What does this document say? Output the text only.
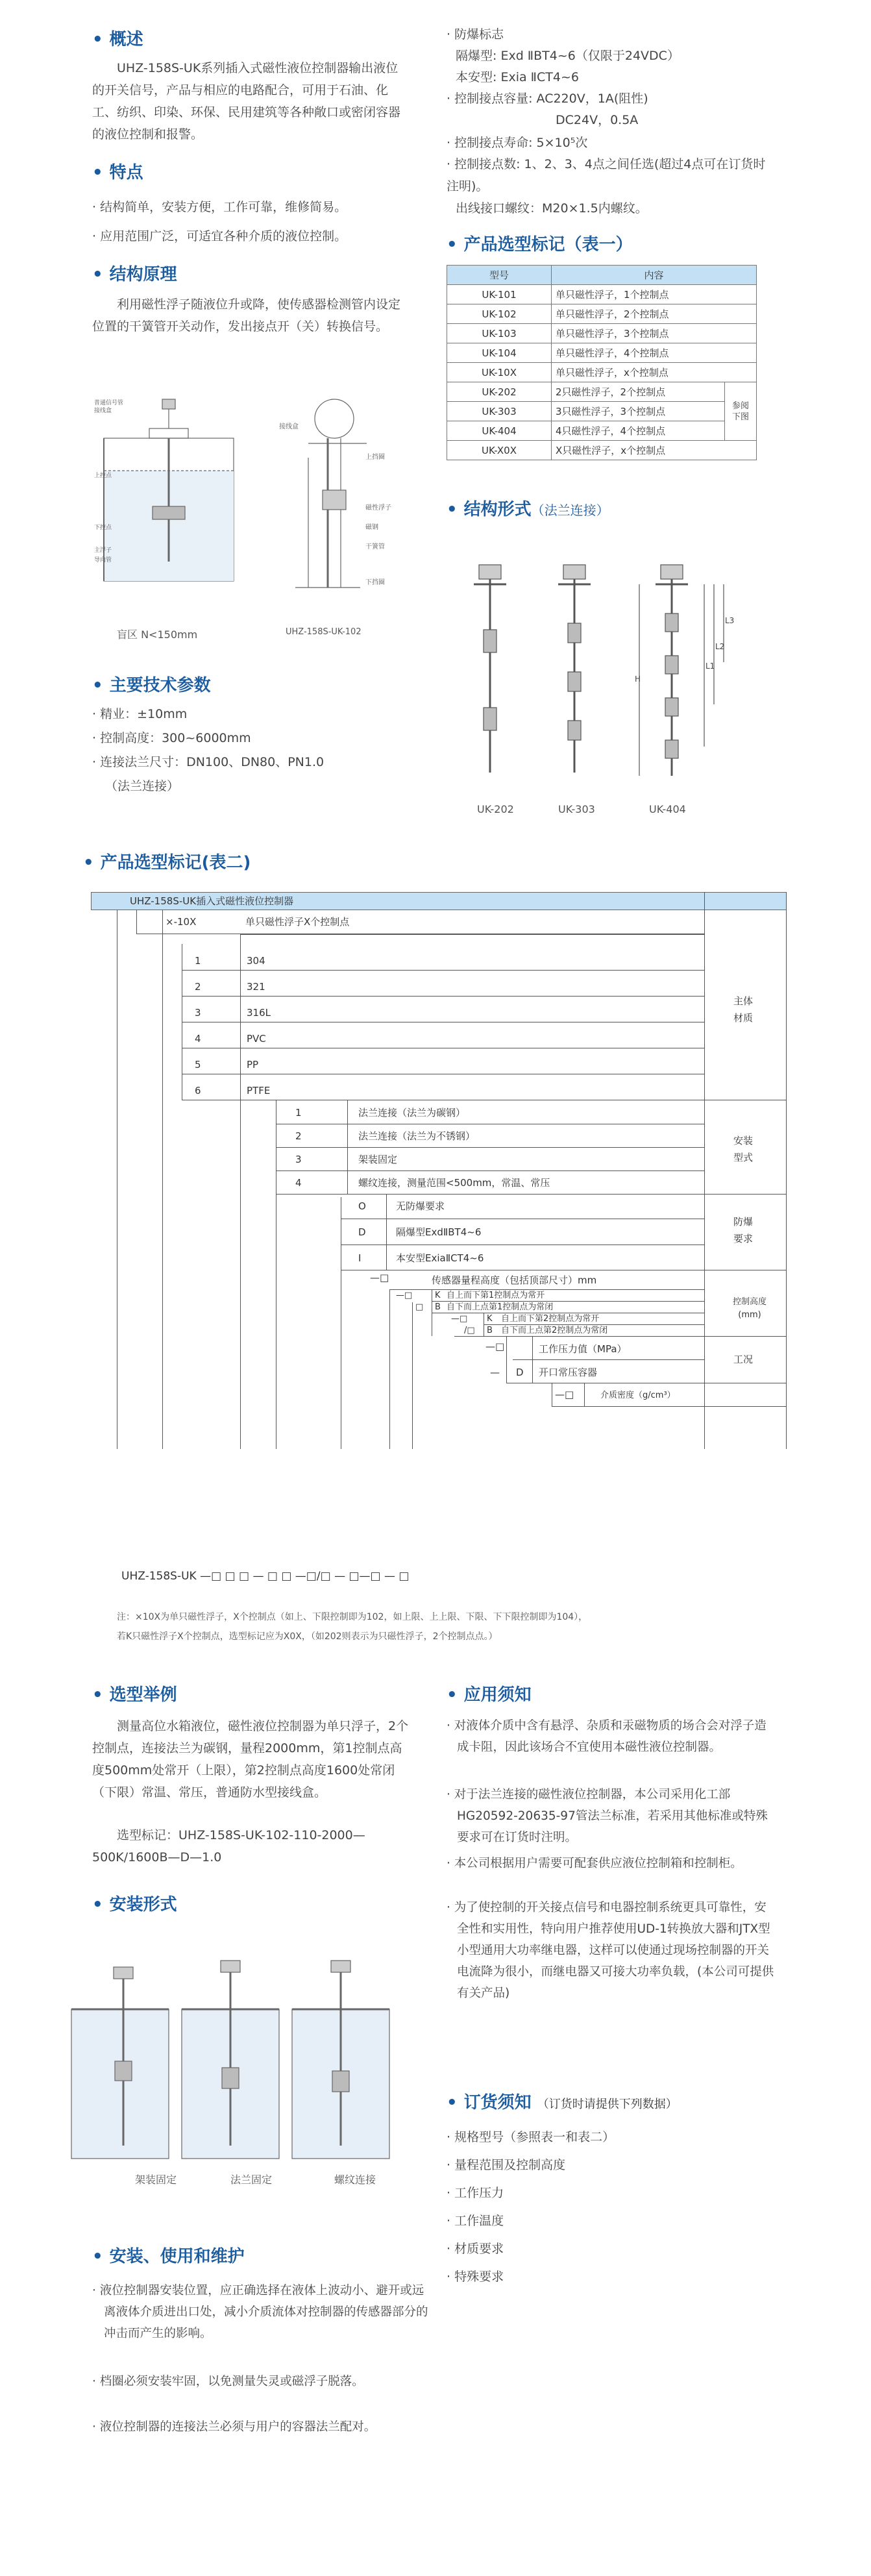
• 概述
UHZ-158S-UK系列插入式磁性液位控制器输出液位的开关信号，产品与相应的电路配合，可用于石油、化工、纺织、印染、环保、民用建筑等各种敞口或密闭容器的液位控制和报警。
• 特点
· 结构简单，安装方便，工作可靠，维修简易。
· 应用范围广泛，可适宜各种介质的液位控制。
• 结构原理
利用磁性浮子随液位升或降，使传感器检测管内设定位置的干簧管开关动作，发出接点开（关）转换信号。
普通信号管
接线盒
上控点
下控点
主浮子
导向管
盲区 N<150mm
接线盒
上挡圈
磁性浮子
磁钢
干簧管
下挡圈
UHZ-158S-UK-102
• 主要技术参数
· 精业：±10mm
· 控制高度：300~6000mm
· 连接法兰尺寸：DN100、DN80、PN1.0
（法兰连接）
· 防爆标志
隔爆型: Exd ⅡBT4~6（仅限于24VDC）
本安型: Exia ⅡCT4~6
· 控制接点容量: AC220V，1A(阻性)
DC24V，0.5A
· 控制接点寿命: 5×10⁵次
· 控制接点数: 1、2、3、4点之间任选(超过4点可在订货时注明)。
出线接口螺纹：M20×1.5内螺纹。
• 产品选型标记（表一）
型号	内容	
UK-101	单只磁性浮子，1个控制点	
UK-102	单只磁性浮子，2个控制点	
UK-103	单只磁性浮子，3个控制点	
UK-104	单只磁性浮子，4个控制点	
UK-10X	单只磁性浮子，x个控制点	
UK-202	2只磁性浮子，2个控制点	参阅下图
UK-303	3只磁性浮子，3个控制点	
UK-404	4只磁性浮子，4个控制点	
UK-X0X	X只磁性浮子，x个控制点	
• 结构形式（法兰连接）
H
L1
L2
L3
UK-202	UK-303	UK-404
• 产品选型标记(表二)
UHZ-158S-UK插入式磁性液位控制器
×-10X	单只磁性浮子X个控制点
1	304
2	321
3	316L
4	PVC
5	PP
6	PTFE
主体材质
1	法兰连接（法兰为碳钢）
2	法兰连接（法兰为不锈钢）
3	架装固定
4	螺纹连接，测量范围<500mm，常温、常压
安装型式
O	无防爆要求
D	隔爆型ExdⅡBT4~6
I	本安型ExiaⅡCT4~6
防爆要求
—□	传感器量程高度（包括顶部尺寸）mm
—□	K 自上而下第1控制点为常开
□ B 自下而上点第1控制点为常闭
—□ K 自上而下第2控制点为常开
/□ B 自下而上点第2控制点为常闭
控制高度(mm)
—□	工作压力值（MPa）
— D 开口常压容器
工况
—□	介质密度（g/cm³）
UHZ-158S-UK —□ □ □ — □ □ —□/□ — □—□ — □
注：×10X为单只磁性浮子，X个控制点（如上、下限控制即为102，如上限、上上限、下限、下下限控制即为104），
若K只磁性浮子X个控制点，选型标记应为X0X，（如202则表示为只磁性浮子，2个控制点点。）
• 选型举例
测量高位水箱液位，磁性液位控制器为单只浮子，2个控制点，连接法兰为碳钢，量程2000mm，第1控制点高度500mm处常开（上限），第2控制点高度1600处常闭（下限）常温、常压，普通防水型接线盒。
选型标记：UHZ-158S-UK-102-110-2000—500K/1600B—D—1.0
• 安装形式
架装固定	法兰固定	螺纹连接
• 安装、使用和维护
· 液位控制器安装位置，应正确选择在液体上波动小、避开或远离液体介质进出口处，减小介质流体对控制器的传感器部分的冲击而产生的影响。
· 档圈必须安装牢固，以免测量失灵或磁浮子脱落。
· 液位控制器的连接法兰必须与用户的容器法兰配对。
• 应用须知
· 对液体介质中含有悬浮、杂质和汞磁物质的场合会对浮子造成卡阻，因此该场合不宜使用本磁性液位控制器。
· 对于法兰连接的磁性液位控制器，本公司采用化工部HG20592-20635-97管法兰标准，若采用其他标准或特殊要求可在订货时注明。
· 本公司根据用户需要可配套供应液位控制箱和控制柜。
· 为了使控制的开关接点信号和电器控制系统更具可靠性，安全性和实用性，特向用户推荐使用UD-1转换放大器和JTX型小型通用大功率继电器，这样可以使通过现场控制器的开关电流降为很小，而继电器又可接大功率负载，(本公司可提供有关产品)
• 订货须知 （订货时请提供下列数据）
· 规格型号（参照表一和表二）
· 量程范围及控制高度
· 工作压力
· 工作温度
· 材质要求
· 特殊要求
